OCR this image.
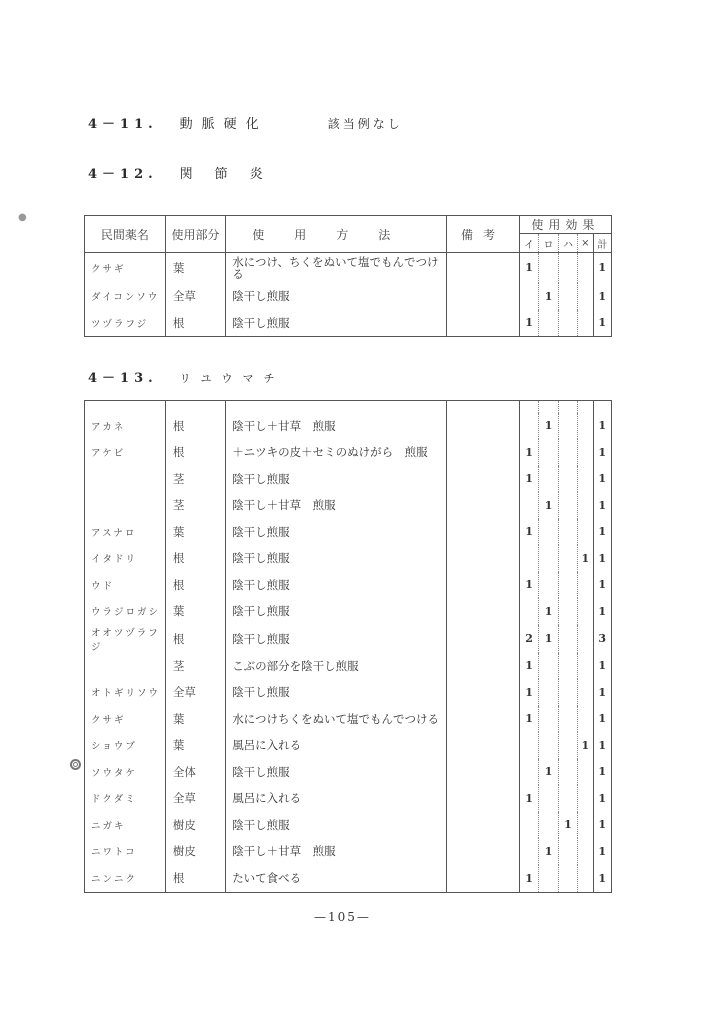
4－11. 動脈硬化	該当例なし
4－12. 関節炎
●
民間薬名	使用部分	使用方法	備考	使用効果				
				イ	ロ	ハ	×	計
クサギ	葉	水につけ、ちくをぬいて塩でもんでつける		1				1
ダイコンソウ	全草	陰干し煎服			1			1
ツヅラフジ	根	陰干し煎服		1				1
4－13. リユウマチ

アカネ	根	陰干し＋甘草　煎服			1			1
アケビ	根	＋ニツキの皮＋セミのぬけがら　煎服		1				1
	茎	陰干し煎服		1				1
	茎	陰干し＋甘草　煎服			1			1
アスナロ	葉	陰干し煎服		1				1
イタドリ	根	陰干し煎服					1	1
ウド	根	陰干し煎服		1				1
ウラジロガシ	葉	陰干し煎服			1			1
オオツヅラフジ	根	陰干し煎服		2	1			3
	茎	こぶの部分を陰干し煎服		1				1
オトギリソウ	全草	陰干し煎服		1				1
クサギ	葉	水につけちくをぬいて塩でもんでつける		1				1
ショウブ	葉	風呂に入れる					1	1
ソウタケ	全体	陰干し煎服			1			1
ドクダミ	全草	風呂に入れる		1				1
ニガキ	樹皮	陰干し煎服				1		1
ニワトコ	樹皮	陰干し＋甘草　煎服			1			1
ニンニク	根	たいて食べる		1				1
—105—
